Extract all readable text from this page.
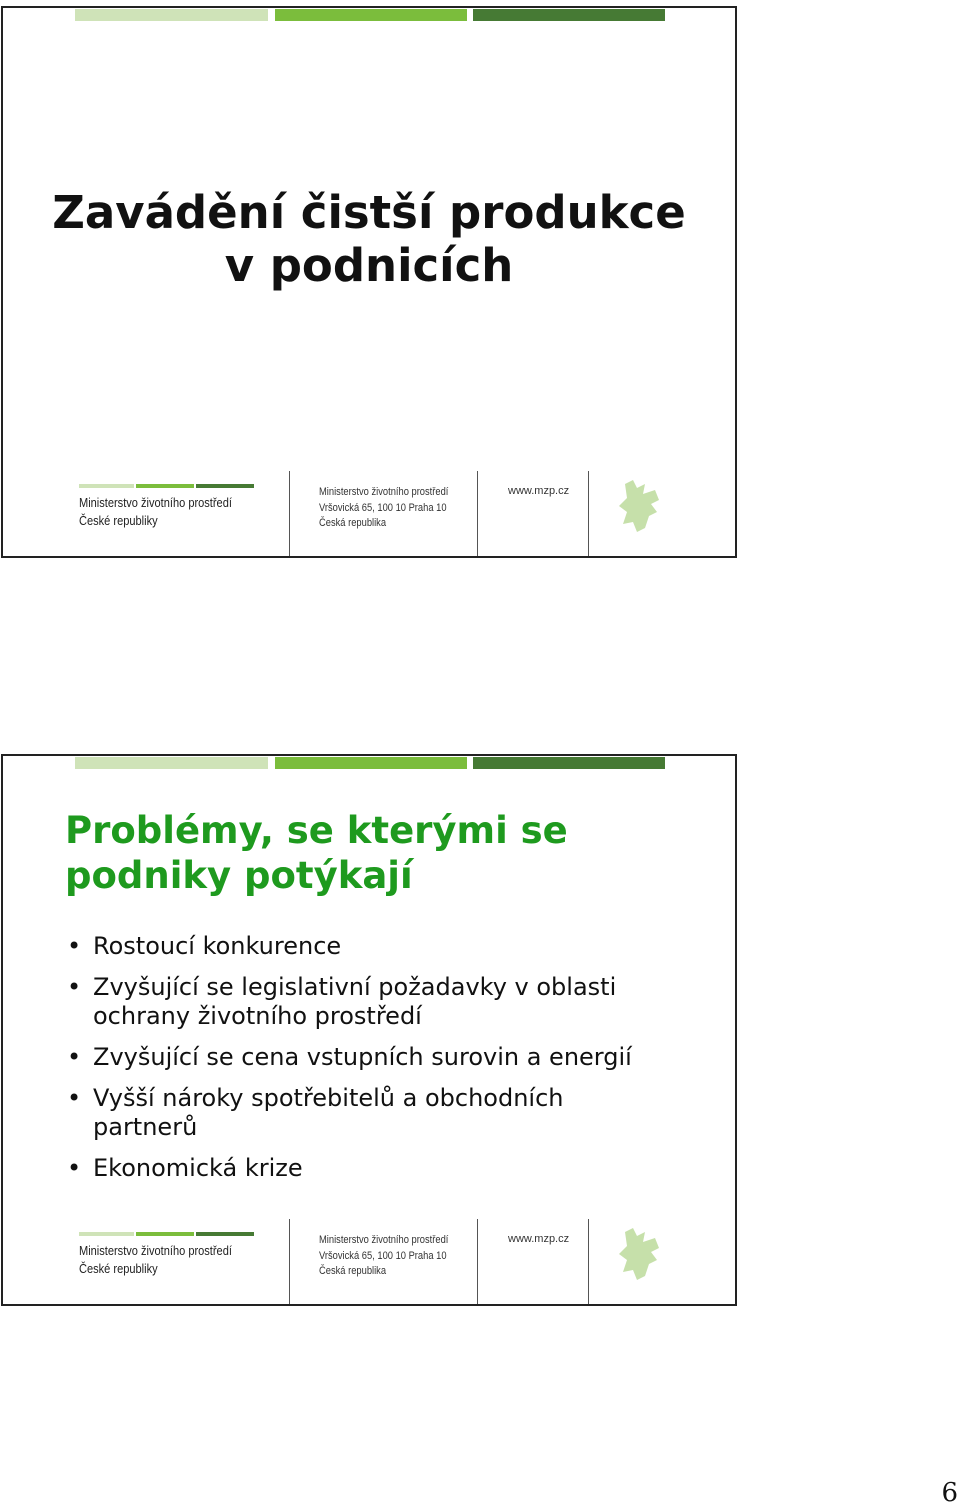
Zavádění čistší produkce
v podnicích
Ministerstvo životního prostředí
České republiky
Ministerstvo životního prostředí
Vršovická 65, 100 10 Praha 10
Česká republika
www.mzp.cz
Problémy, se kterými se
podniky potýkají
• Rostoucí konkurence
• Zvyšující se legislativní požadavky v oblasti ochrany životního prostředí
• Zvyšující se cena vstupních surovin a energií
• Vyšší nároky spotřebitelů a obchodních partnerů
• Ekonomická krize
Ministerstvo životního prostředí
České republiky
Ministerstvo životního prostředí
Vršovická 65, 100 10 Praha 10
Česká republika
www.mzp.cz
6
